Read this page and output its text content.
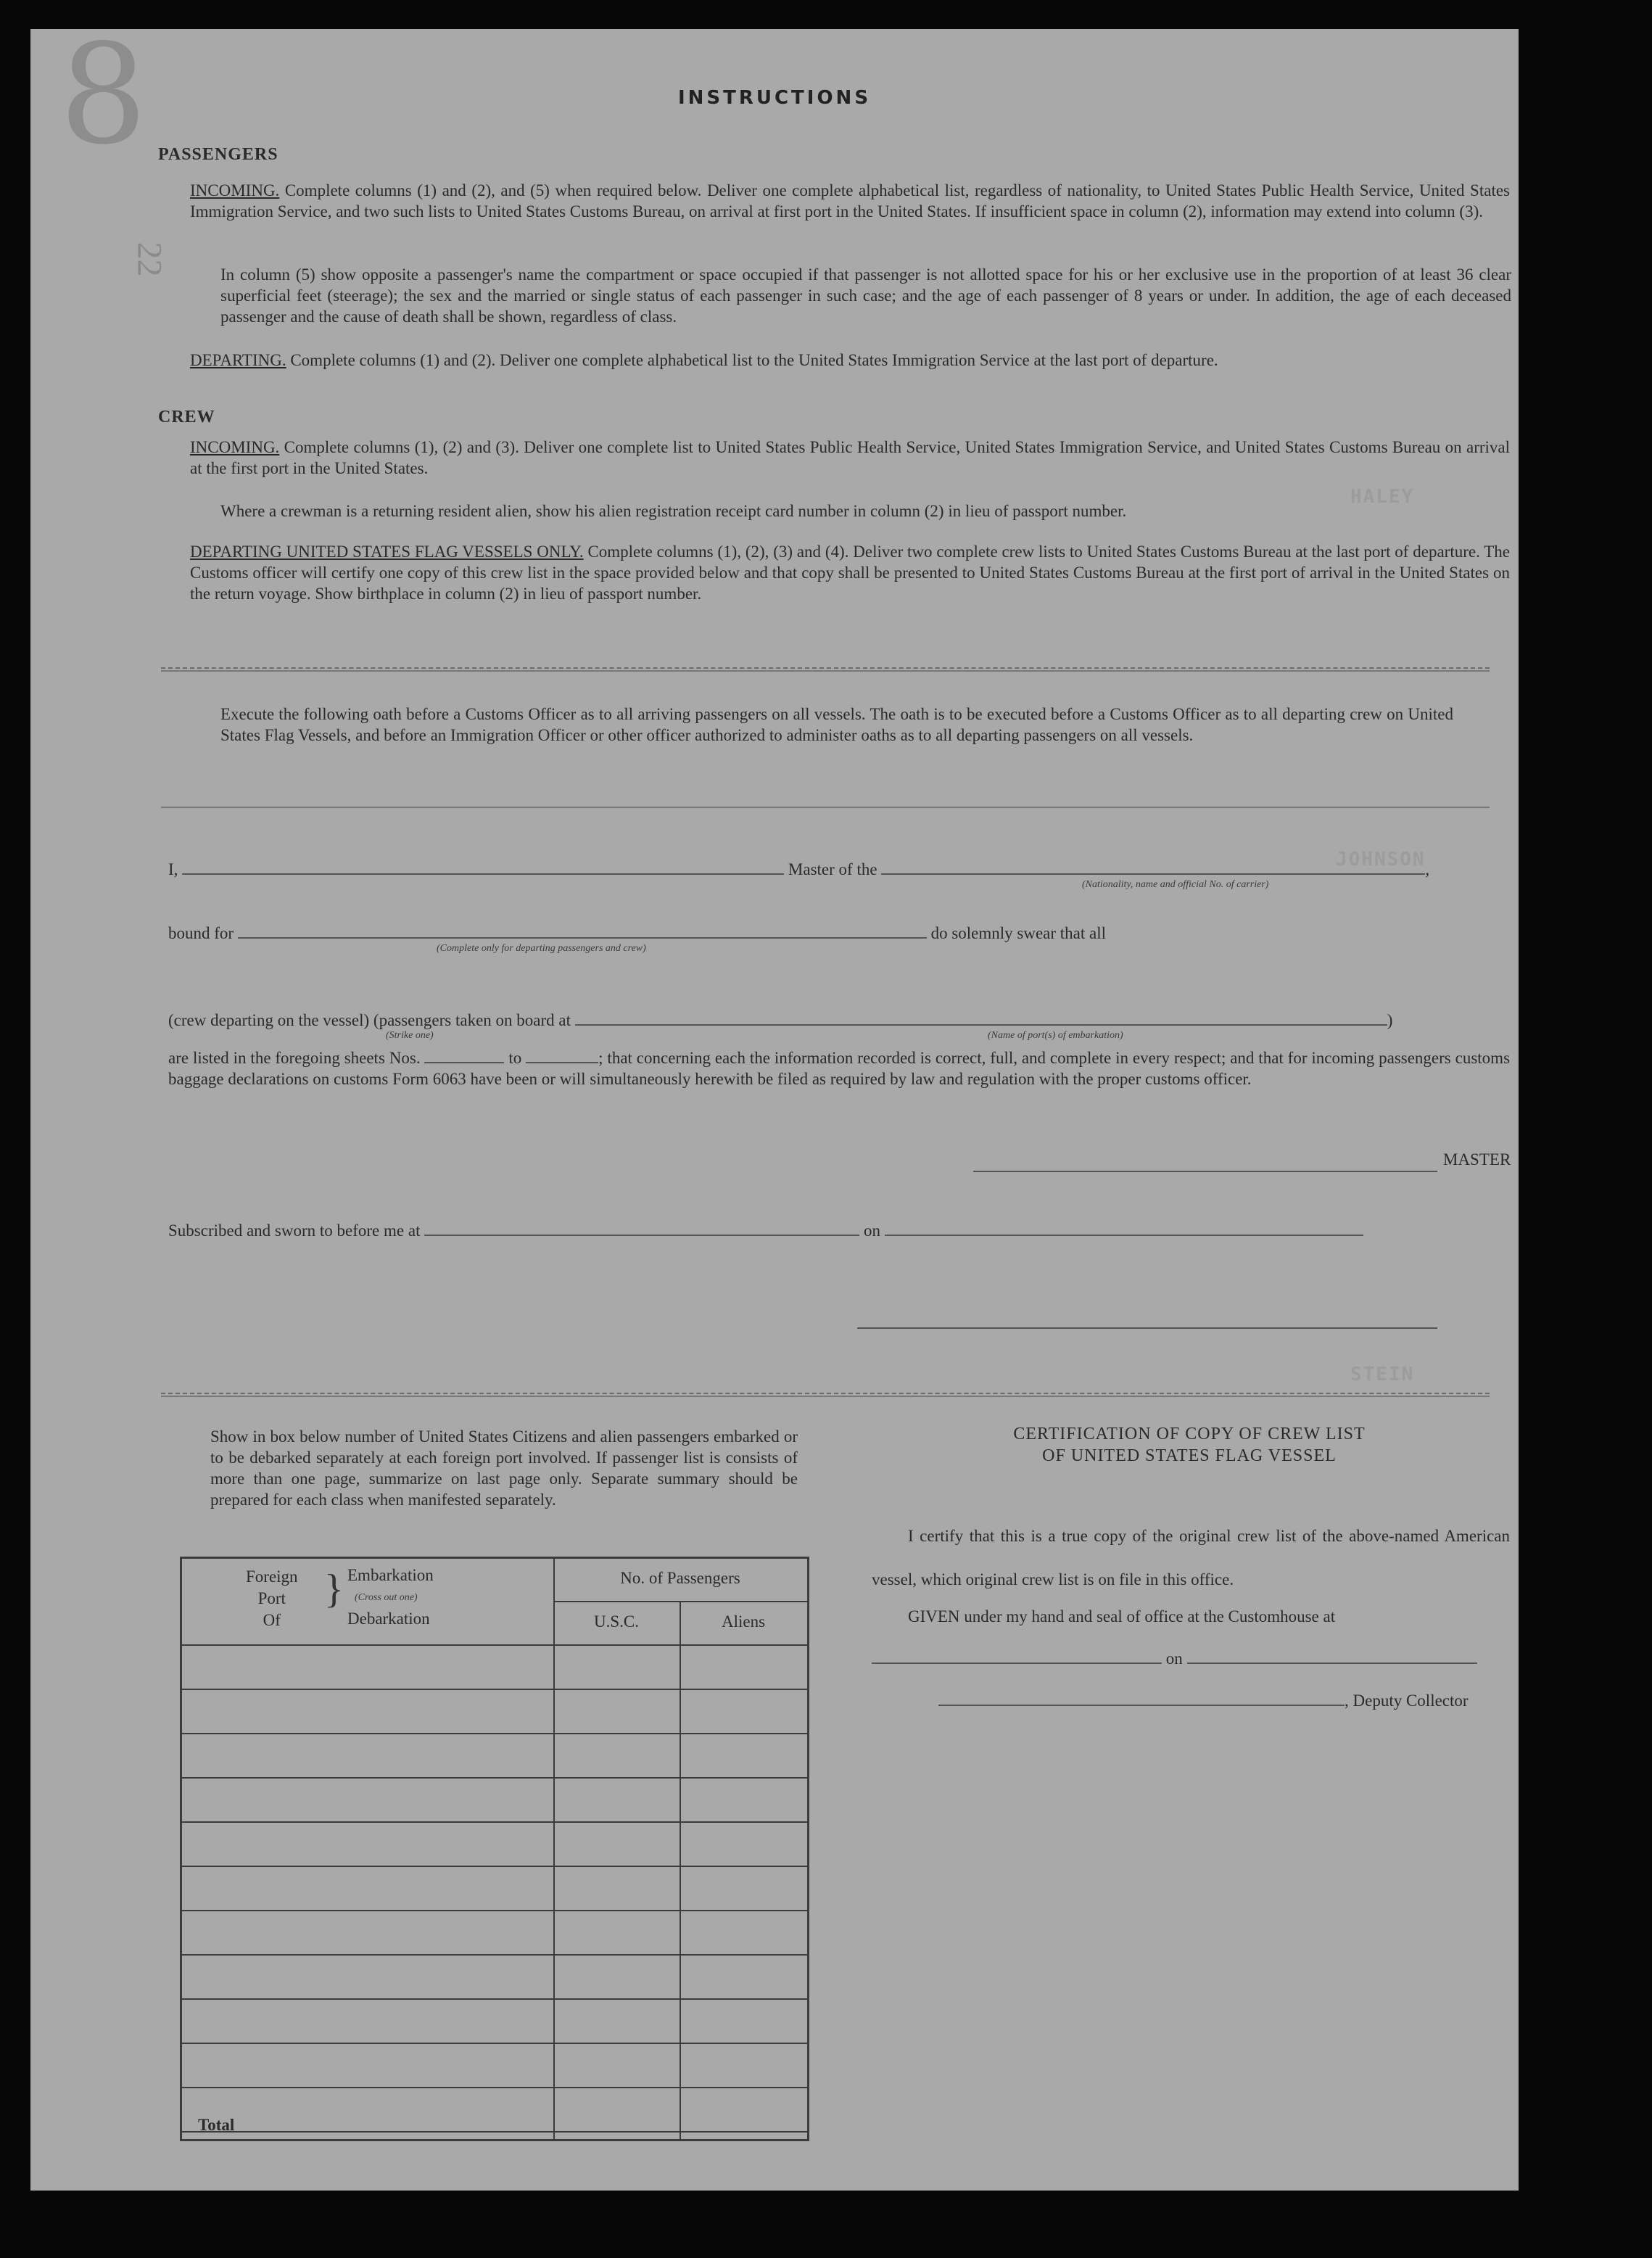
8
22
HALEY
JOHNSON
STEIN
INSTRUCTIONS
PASSENGERS
INCOMING. Complete columns (1) and (2), and (5) when required below. Deliver one complete alphabetical list, regardless of nationality, to United States Public Health Service, United States Immigration Service, and two such lists to United States Customs Bureau, on arrival at first port in the United States. If insufficient space in column (2), information may extend into column (3).
In column (5) show opposite a passenger's name the compartment or space occupied if that passenger is not allotted space for his or her exclusive use in the proportion of at least 36 clear superficial feet (steerage); the sex and the married or single status of each passenger in such case; and the age of each passenger of 8 years or under. In addition, the age of each deceased passenger and the cause of death shall be shown, regardless of class.
DEPARTING. Complete columns (1) and (2). Deliver one complete alphabetical list to the United States Immigration Service at the last port of departure.
CREW
INCOMING. Complete columns (1), (2) and (3). Deliver one complete list to United States Public Health Service, United States Immigration Service, and United States Customs Bureau on arrival at the first port in the United States.
Where a crewman is a returning resident alien, show his alien registration receipt card number in column (2) in lieu of passport number.
DEPARTING UNITED STATES FLAG VESSELS ONLY. Complete columns (1), (2), (3) and (4). Deliver two complete crew lists to United States Customs Bureau at the last port of departure. The Customs officer will certify one copy of this crew list in the space provided below and that copy shall be presented to United States Customs Bureau at the first port of arrival in the United States on the return voyage. Show birthplace in column (2) in lieu of passport number.
Execute the following oath before a Customs Officer as to all arriving passengers on all vessels. The oath is to be executed before a Customs Officer as to all departing crew on United States Flag Vessels, and before an Immigration Officer or other officer authorized to administer oaths as to all departing passengers on all vessels.
I,	Master of the	,
(Nationality, name and official No. of carrier)
bound for	do solemnly swear that all
(Complete only for departing passengers and crew)
(crew departing on the vessel) (passengers taken on board at	)
(Strike one)	(Name of port(s) of embarkation)
are listed in the foregoing sheets Nos.	to	; that concerning each the information recorded is correct, full, and complete in every respect; and that for incoming passengers customs baggage declarations on customs Form 6063 have been or will simultaneously herewith be filed as required by law and regulation with the proper customs officer.
MASTER
Subscribed and sworn to before me at	on
Show in box below number of United States Citizens and alien passengers embarked or to be debarked separately at each foreign port involved. If passenger list is consists of more than one page, summarize on last page only. Separate summary should be prepared for each class when manifested separately.
Foreign
Port
Of
} Embarkation
(Cross out one)
Debarkation
No. of Passengers
U.S.C.	Aliens
Total
CERTIFICATION OF COPY OF CREW LIST
OF UNITED STATES FLAG VESSEL
I certify that this is a true copy of the original crew list of the above-named American vessel, which original crew list is on file in this office.
GIVEN under my hand and seal of office at the Customhouse at
on
, Deputy Collector
